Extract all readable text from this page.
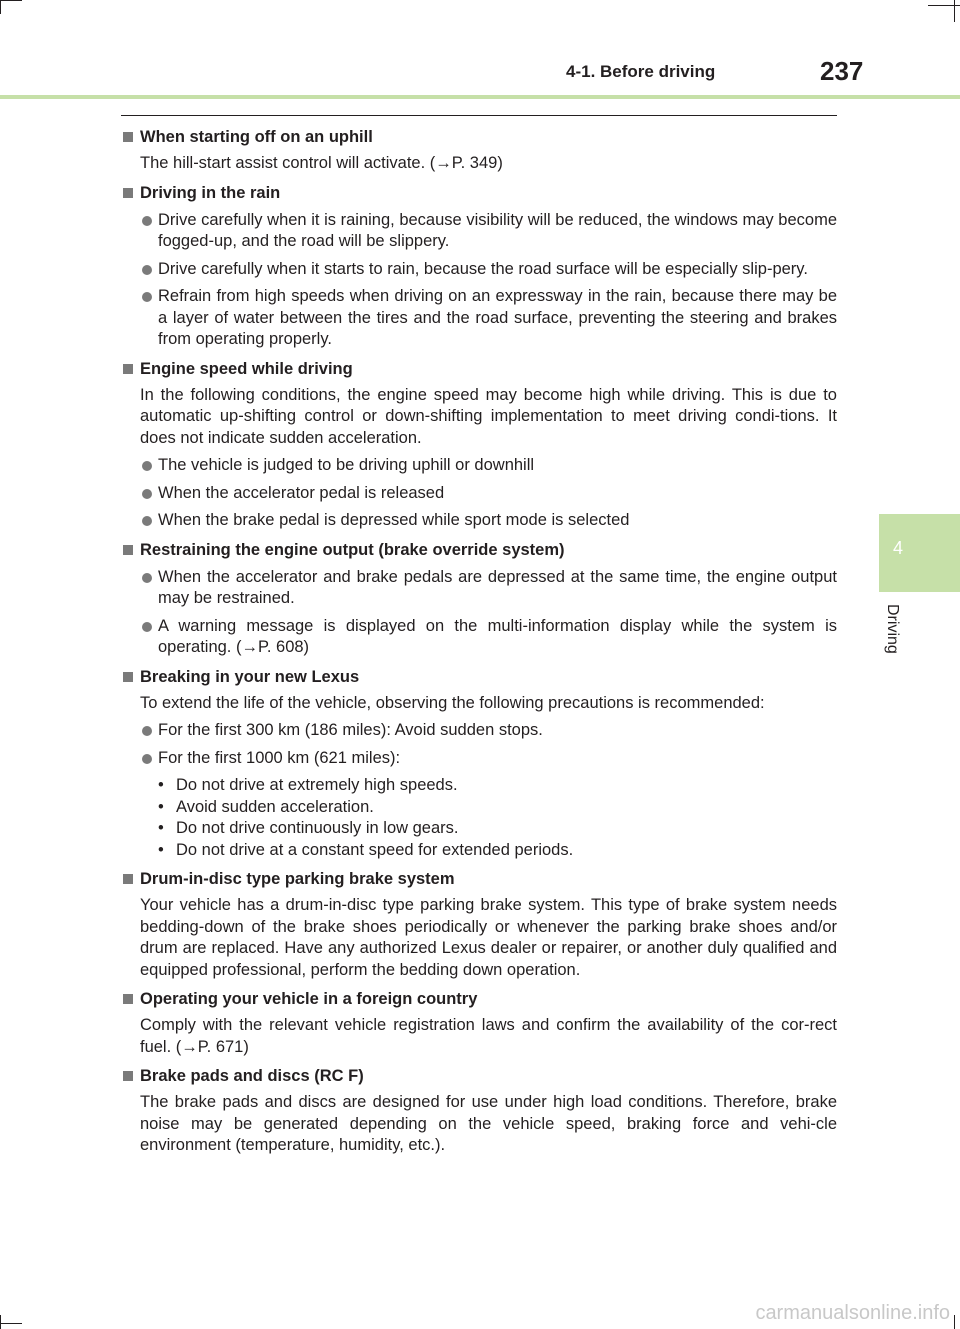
4-1. Before driving	237
4
Driving
When starting off on an uphill
The hill-start assist control will activate. (→P. 349)
Driving in the rain
Drive carefully when it is raining, because visibility will be reduced, the windows may become fogged-up, and the road will be slippery.
Drive carefully when it starts to rain, because the road surface will be especially slip-pery.
Refrain from high speeds when driving on an expressway in the rain, because there may be a layer of water between the tires and the road surface, preventing the steering and brakes from operating properly.
Engine speed while driving
In the following conditions, the engine speed may become high while driving. This is due to automatic up-shifting control or down-shifting implementation to meet driving condi-tions. It does not indicate sudden acceleration.
The vehicle is judged to be driving uphill or downhill
When the accelerator pedal is released
When the brake pedal is depressed while sport mode is selected
Restraining the engine output (brake override system)
When the accelerator and brake pedals are depressed at the same time, the engine output may be restrained.
A warning message is displayed on the multi-information display while the system is operating. (→P. 608)
Breaking in your new Lexus
To extend the life of the vehicle, observing the following precautions is recommended:
For the first 300 km (186 miles): Avoid sudden stops.
For the first 1000 km (621 miles):
• Do not drive at extremely high speeds.
• Avoid sudden acceleration.
• Do not drive continuously in low gears.
• Do not drive at a constant speed for extended periods.
Drum-in-disc type parking brake system
Your vehicle has a drum-in-disc type parking brake system. This type of brake system needs bedding-down of the brake shoes periodically or whenever the parking brake shoes and/or drum are replaced. Have any authorized Lexus dealer or repairer, or another duly qualified and equipped professional, perform the bedding down operation.
Operating your vehicle in a foreign country
Comply with the relevant vehicle registration laws and confirm the availability of the cor-rect fuel. (→P. 671)
Brake pads and discs (RC F)
The brake pads and discs are designed for use under high load conditions. Therefore, brake noise may be generated depending on the vehicle speed, braking force and vehi-cle environment (temperature, humidity, etc.).
carmanualsonline.info
